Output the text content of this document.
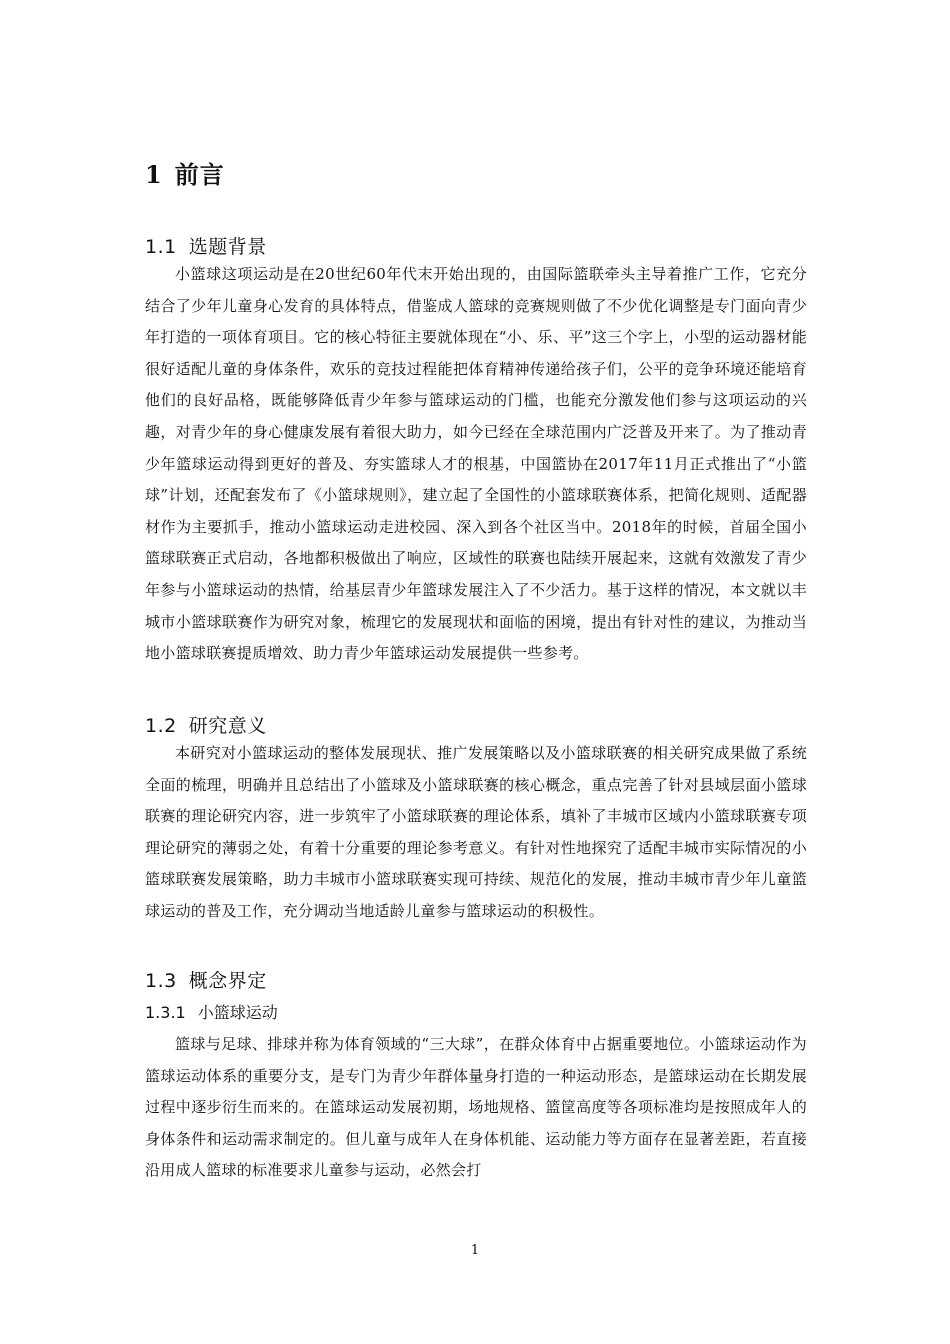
1 前言
1.1 选题背景

小篮球这项运动是在20世纪60年代末开始出现的，由国际篮联牵头主导着推广工作，它充分结合了少年儿童身心发育的具体特点，借鉴成人篮球的竞赛规则做了不少优化调整是专门面向青少年打造的一项体育项目。它的核心特征主要就体现在“小、乐、平”这三个字上，小型的运动器材能很好适配儿童的身体条件，欢乐的竞技过程能把体育精神传递给孩子们，公平的竞争环境还能培育他们的良好品格，既能够降低青少年参与篮球运动的门槛，也能充分激发他们参与这项运动的兴趣，对青少年的身心健康发展有着很大助力，如今已经在全球范围内广泛普及开来了。为了推动青少年篮球运动得到更好的普及、夯实篮球人才的根基，中国篮协在2017年11月正式推出了“小篮球”计划，还配套发布了《小篮球规则》，建立起了全国性的小篮球联赛体系，把简化规则、适配器材作为主要抓手，推动小篮球运动走进校园、深入到各个社区当中。2018年的时候，首届全国小篮球联赛正式启动，各地都积极做出了响应，区域性的联赛也陆续开展起来，这就有效激发了青少年参与小篮球运动的热情，给基层青少年篮球发展注入了不少活力。基于这样的情况，本文就以丰城市小篮球联赛作为研究对象，梳理它的发展现状和面临的困境，提出有针对性的建议，为推动当地小篮球联赛提质增效、助力青少年篮球运动发展提供一些参考。

1.2 研究意义

本研究对小篮球运动的整体发展现状、推广发展策略以及小篮球联赛的相关研究成果做了系统全面的梳理，明确并且总结出了小篮球及小篮球联赛的核心概念，重点完善了针对县域层面小篮球联赛的理论研究内容，进一步筑牢了小篮球联赛的理论体系，填补了丰城市区域内小篮球联赛专项理论研究的薄弱之处，有着十分重要的理论参考意义。有针对性地探究了适配丰城市实际情况的小篮球联赛发展策略，助力丰城市小篮球联赛实现可持续、规范化的发展，推动丰城市青少年儿童篮球运动的普及工作，充分调动当地适龄儿童参与篮球运动的积极性。

1.3 概念界定
1.3.1 小篮球运动

篮球与足球、排球并称为体育领域的“三大球”，在群众体育中占据重要地位。小篮球运动作为篮球运动体系的重要分支，是专门为青少年群体量身打造的一种运动形态，是篮球运动在长期发展过程中逐步衍生而来的。在篮球运动发展初期，场地规格、篮筐高度等各项标准均是按照成年人的身体条件和运动需求制定的。但儿童与成年人在身体机能、运动能力等方面存在显著差距，若直接沿用成人篮球的标准要求儿童参与运动，必然会打

1
